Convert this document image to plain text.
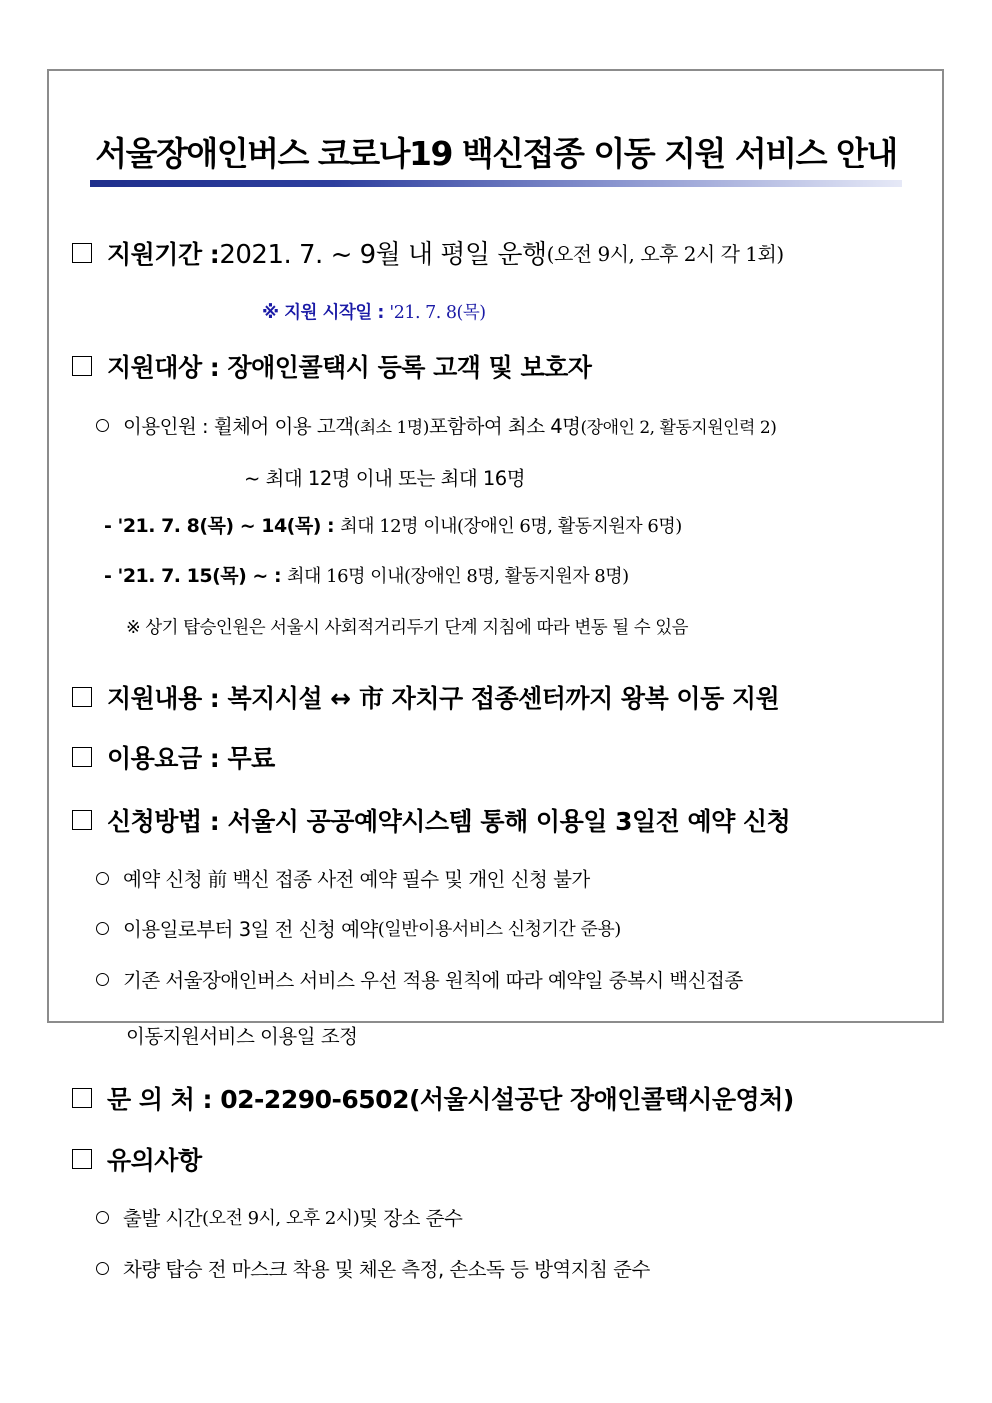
서울장애인버스 코로나19 백신접종 이동 지원 서비스 안내
지원기간 : 2021. 7. ~ 9월 내 평일 운행 (오전 9시, 오후 2시 각 1회)
※ 지원 시작일 : '21. 7. 8(목)
지원대상 : 장애인콜택시 등록 고객 및 보호자
이용인원 : 휠체어 이용 고객 (최소 1명) 포함하여 최소 4명 (장애인 2, 활동지원인력 2)
~ 최대 12명 이내 또는 최대 16명
- '21. 7. 8(목) ~ 14(목) : 최대 12명 이내(장애인 6명, 활동지원자 6명)
- '21. 7. 15(목) ~ : 최대 16명 이내(장애인 8명, 활동지원자 8명)
※ 상기 탑승인원은 서울시 사회적거리두기 단계 지침에 따라 변동 될 수 있음
지원내용 : 복지시설 ↔ 市 자치구 접종센터까지 왕복 이동 지원
이용요금 : 무료
신청방법 : 서울시 공공예약시스템 통해 이용일 3일전 예약 신청
예약 신청 前 백신 접종 사전 예약 필수 및 개인 신청 불가
이용일로부터 3일 전 신청 예약 (일반이용서비스 신청기간 준용)
기존 서울장애인버스 서비스 우선 적용 원칙에 따라 예약일 중복시 백신접종
이동지원서비스 이용일 조정
문 의 처 : 02-2290-6502(서울시설공단 장애인콜택시운영처)
유의사항
출발 시간 (오전 9시, 오후 2시) 및 장소 준수
차량 탑승 전 마스크 착용 및 체온 측정, 손소독 등 방역지침 준수
